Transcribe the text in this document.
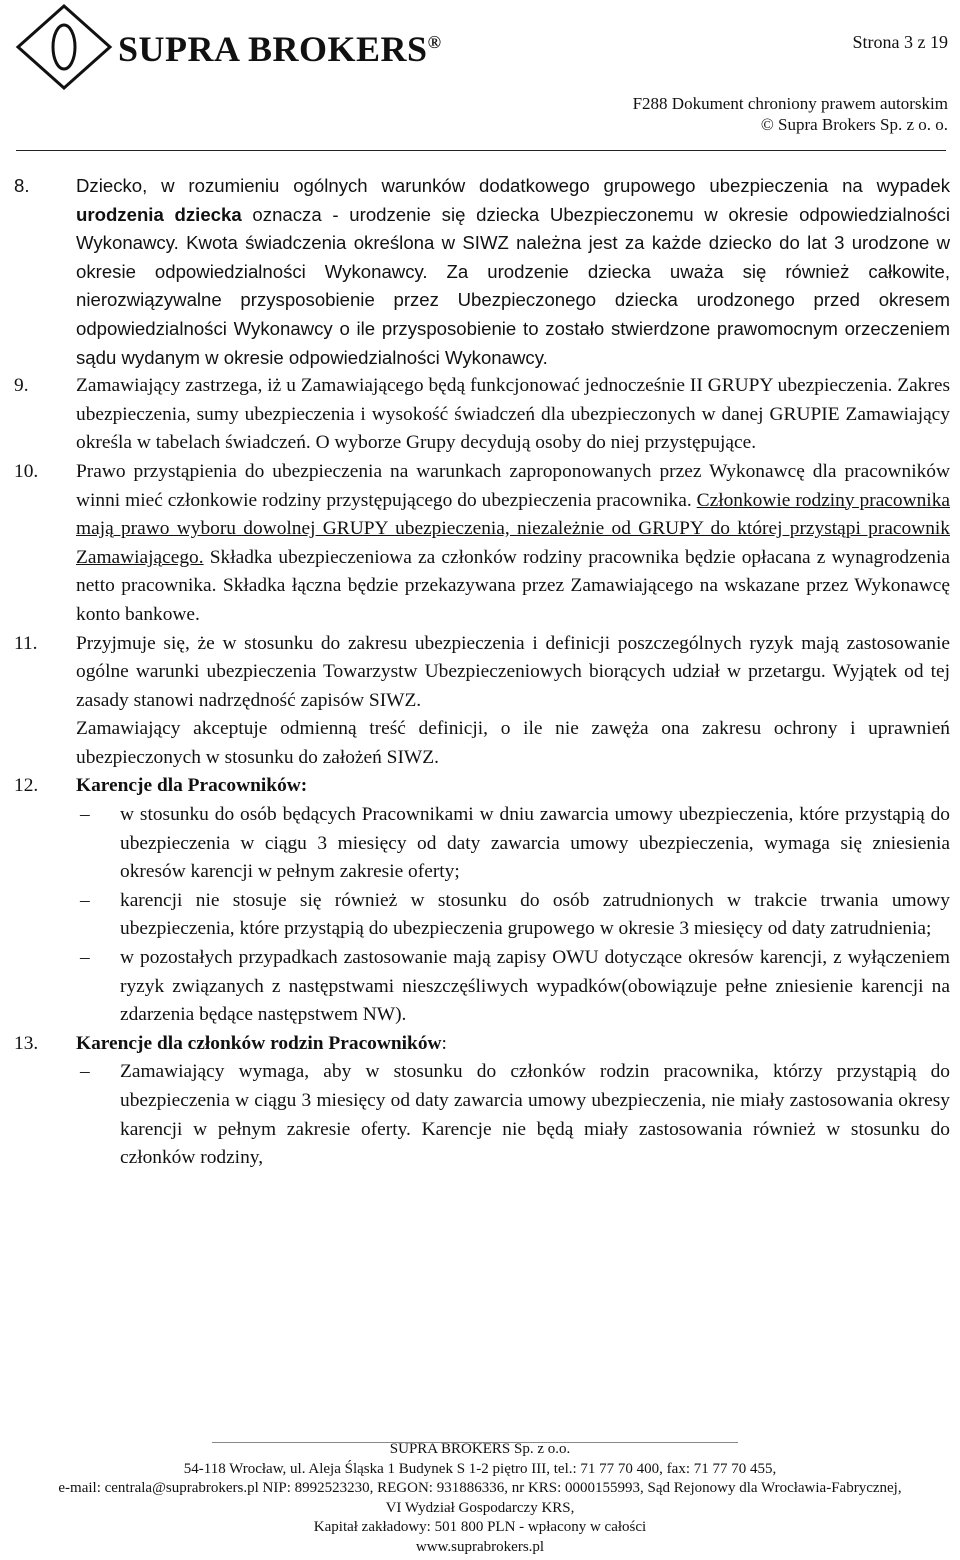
SUPRA BROKERS®	Strona 3 z 19
F288 Dokument chroniony prawem autorskim
© Supra Brokers Sp. z o. o.
8. Dziecko, w rozumieniu ogólnych warunków dodatkowego grupowego ubezpieczenia na wypadek urodzenia dziecka oznacza - urodzenie się dziecka Ubezpieczonemu w okresie odpowiedzialności Wykonawcy. Kwota świadczenia określona w SIWZ należna jest za każde dziecko do lat 3 urodzone w okresie odpowiedzialności Wykonawcy. Za urodzenie dziecka uważa się również całkowite, nierozwiązywalne przysposobienie przez Ubezpieczonego dziecka urodzonego przed okresem odpowiedzialności Wykonawcy o ile przysposobienie to zostało stwierdzone prawomocnym orzeczeniem sądu wydanym w okresie odpowiedzialności Wykonawcy.

9. Zamawiający zastrzega, iż u Zamawiającego będą funkcjonować jednocześnie II GRUPY ubezpieczenia. Zakres ubezpieczenia, sumy ubezpieczenia i wysokość świadczeń dla ubezpieczonych w danej GRUPIE Zamawiający określa w tabelach świadczeń. O wyborze Grupy decydują osoby do niej przystępujące.

10. Prawo przystąpienia do ubezpieczenia na warunkach zaproponowanych przez Wykonawcę dla pracowników winni mieć członkowie rodziny przystępującego do ubezpieczenia pracownika. Członkowie rodziny pracownika mają prawo wyboru dowolnej GRUPY ubezpieczenia, niezależnie od GRUPY do której przystąpi pracownik Zamawiającego. Składka ubezpieczeniowa za członków rodziny pracownika będzie opłacana z wynagrodzenia netto pracownika. Składka łączna będzie przekazywana przez Zamawiającego na wskazane przez Wykonawcę konto bankowe.

11. Przyjmuje się, że w stosunku do zakresu ubezpieczenia i definicji poszczególnych ryzyk mają zastosowanie ogólne warunki ubezpieczenia Towarzystw Ubezpieczeniowych biorących udział w przetargu. Wyjątek od tej zasady stanowi nadrzędność zapisów SIWZ.

Zamawiający akceptuje odmienną treść definicji, o ile nie zawęża ona zakresu ochrony i uprawnień ubezpieczonych w stosunku do założeń SIWZ.

12. Karencje dla Pracowników:

– w stosunku do osób będących Pracownikami w dniu zawarcia umowy ubezpieczenia, które przystąpią do ubezpieczenia w ciągu 3 miesięcy od daty zawarcia umowy ubezpieczenia, wymaga się zniesienia okresów karencji w pełnym zakresie oferty;
– karencji nie stosuje się również w stosunku do osób zatrudnionych w trakcie trwania umowy ubezpieczenia, które przystąpią do ubezpieczenia grupowego w okresie 3 miesięcy od daty zatrudnienia;
– w pozostałych przypadkach zastosowanie mają zapisy OWU dotyczące okresów karencji, z wyłączeniem ryzyk związanych z następstwami nieszczęśliwych wypadków(obowiązuje pełne zniesienie karencji na zdarzenia będące następstwem NW).
13. Karencje dla członków rodzin Pracowników:

– Zamawiający wymaga, aby w stosunku do członków rodzin pracownika, którzy przystąpią do ubezpieczenia w ciągu 3 miesięcy od daty zawarcia umowy ubezpieczenia, nie miały zastosowania okresy karencji w pełnym zakresie oferty. Karencje nie będą miały zastosowania również w stosunku do członków rodziny,
SUPRA BROKERS Sp. z o.o.
54-118 Wrocław, ul. Aleja Śląska 1 Budynek S 1-2 piętro III, tel.: 71 77 70 400, fax: 71 77 70 455,
e-mail: centrala@suprabrokers.pl NIP: 8992523230, REGON: 931886336, nr KRS: 0000155993, Sąd Rejonowy dla Wrocławia-Fabrycznej,
VI Wydział Gospodarczy KRS,
Kapitał zakładowy: 501 800 PLN - wpłacony w całości
www.suprabrokers.pl
